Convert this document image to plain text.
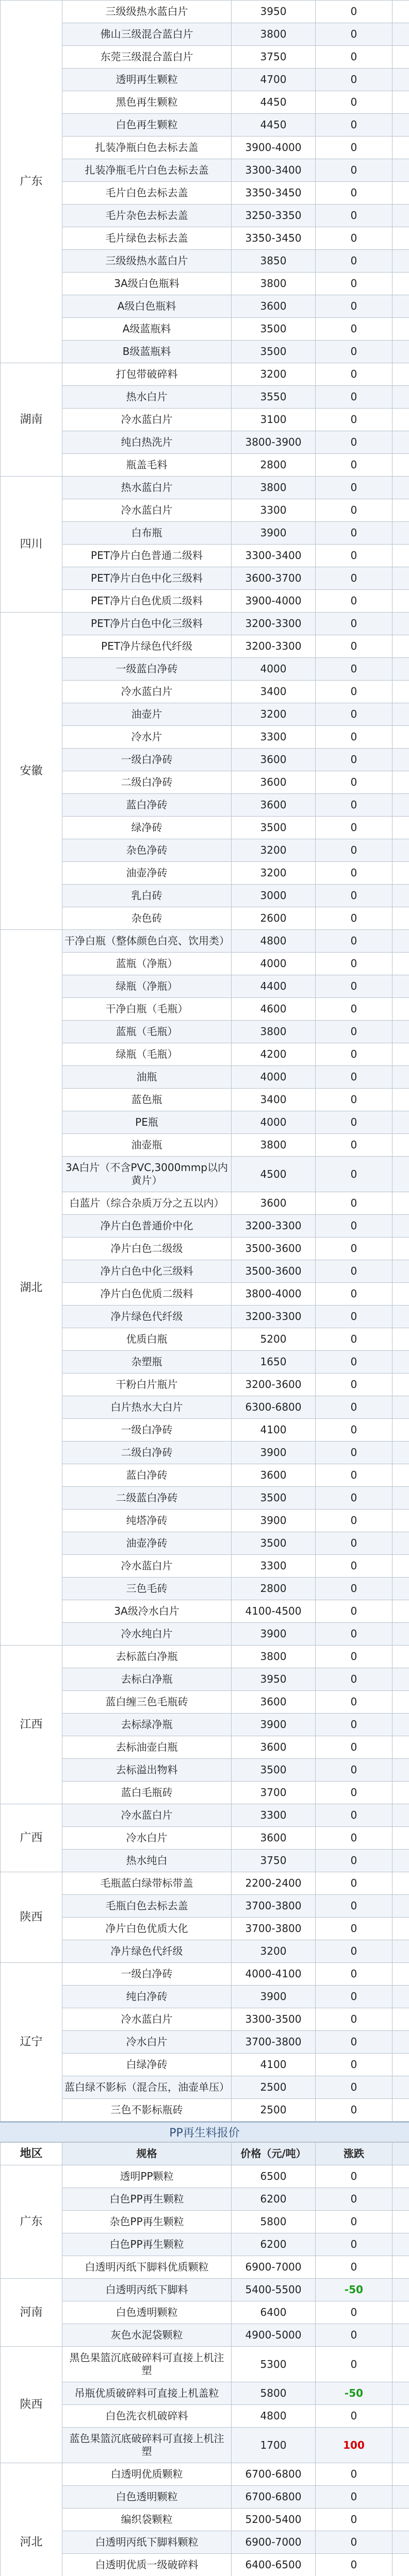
广东	三级级热水蓝白片	3950	0	
	佛山三级混合蓝白片	3800	0	
	东莞三级混合蓝白片	3750	0	
	透明再生颗粒	4700	0	
	黑色再生颗粒	4450	0	
	白色再生颗粒	4450	0	
	扎装净瓶白色去标去盖	3900-4000	0	
	扎装净瓶毛片白色去标去盖	3300-3400	0	
	毛片白色去标去盖	3350-3450	0	
	毛片杂色去标去盖	3250-3350	0	
	毛片绿色去标去盖	3350-3450	0	
	三级级热水蓝白片	3850	0	
	3A级白色瓶料	3800	0	
	A级白色瓶料	3600	0	
	A级蓝瓶料	3500	0	
	B级蓝瓶料	3500	0	
湖南	打包带破碎料	3200	0	
	热水白片	3550	0	
	冷水蓝白片	3100	0	
	纯白热洗片	3800-3900	0	
	瓶盖毛料	2800	0	
四川	热水蓝白片	3800	0	
	冷水蓝白片	3300	0	
	白布瓶	3900	0	
	PET净片白色普通二级料	3300-3400	0	
	PET净片白色中化三级料	3600-3700	0	
	PET净片白色优质二级料	3900-4000	0	
安徽	PET净片白色中化三级料	3200-3300	0	
	PET净片绿色代纤级	3200-3300	0	
	一级蓝白净砖	4000	0	
	冷水蓝白片	3400	0	
	油壶片	3200	0	
	冷水片	3300	0	
	一级白净砖	3600	0	
	二级白净砖	3600	0	
	蓝白净砖	3600	0	
	绿净砖	3500	0	
	杂色净砖	3200	0	
	油壶净砖	3200	0	
	乳白砖	3000	0	
	杂色砖	2600	0	
湖北	干净白瓶（整体颜色白亮、饮用类）	4800	0	
	蓝瓶（净瓶）	4000	0	
	绿瓶（净瓶）	4400	0	
	干净白瓶（毛瓶）	4600	0	
	蓝瓶（毛瓶）	3800	0	
	绿瓶（毛瓶）	4200	0	
	油瓶	4000	0	
	蓝色瓶	3400	0	
	PE瓶	4000	0	
	油壶瓶	3800	0	
	3A白片（不含PVC,3000mmp以内黄片）	4500	0	
	白蓝片（综合杂质万分之五以内）	3600	0	
	净片白色普通价中化	3200-3300	0	
	净片白色二级级	3500-3600	0	
	净片白色中化三级料	3500-3600	0	
	净片白色优质二级料	3800-4000	0	
	净片绿色代纤级	3200-3300	0	
	优质白瓶	5200	0	
	杂塑瓶	1650	0	
	干粉白片瓶片	3200-3600	0	
	白片热水大白片	6300-6800	0	
	一级白净砖	4100	0	
	二级白净砖	3900	0	
	蓝白净砖	3600	0	
	二级蓝白净砖	3500	0	
	纯塔净砖	3900	0	
	油壶净砖	3500	0	
	冷水蓝白片	3300	0	
	三色毛砖	2800	0	
	3A级冷水白片	4100-4500	0	
	冷水纯白片	3900	0	
江西	去标蓝白净瓶	3800	0	
	去标白净瓶	3950	0	
	蓝白缠三色毛瓶砖	3600	0	
	去标绿净瓶	3900	0	
	去标油壶白瓶	3600	0	
	去标溢出物料	3500	0	
	蓝白毛瓶砖	3700	0	
广西	冷水蓝白片	3300	0	
	冷水白片	3600	0	
	热水纯白	3750	0	
陕西	毛瓶蓝白绿带标带盖	2200-2400	0	
	毛瓶白色去标去盖	3700-3800	0	
	净片白色优质大化	3700-3800	0	
	净片绿色代纤级	3200	0	
辽宁	一级白净砖	4000-4100	0	
	纯白净砖	3900	0	
	冷水蓝白片	3300-3500	0	
	冷水白片	3700-3800	0	
	白绿净砖	4100	0	
	蓝白绿不影标（混合压，油壶单压）	2500	0	
	三色不影标瓶砖	2500	0	
PP再生料报价
地区	规格	价格（元/吨）	涨跌	
广东	透明PP颗粒	6500	0	
	白色PP再生颗粒	6200	0	
	杂色PP再生颗粒	5800	0	
	白色PP再生颗粒	6200	0	
	白透明丙纸下脚料优质颗粒	6900-7000	0	
河南	白透明丙纸下脚料	5400-5500	-50	
	白色透明颗粒	6400	0	
	灰色水泥袋颗粒	4900-5000	0	
陕西	黑色果篮沉底破碎料可直接上机注塑	5300	0	
	吊瓶优质破碎料可直接上机盖粒	5800	-50	
	白色洗衣机破碎料	4800	0	
	蓝色果篮沉底破碎料可直接上机注塑	1700	100	
河北	白透明优质颗粒	6700-6800	0	
	白色透明颗粒	6700-6800	0	
	编织袋颗粒	5200-5400	0	
	白透明丙纸下脚料颗粒	6900-7000	0	
	白透明优质一级破碎料	6400-6500	0	
